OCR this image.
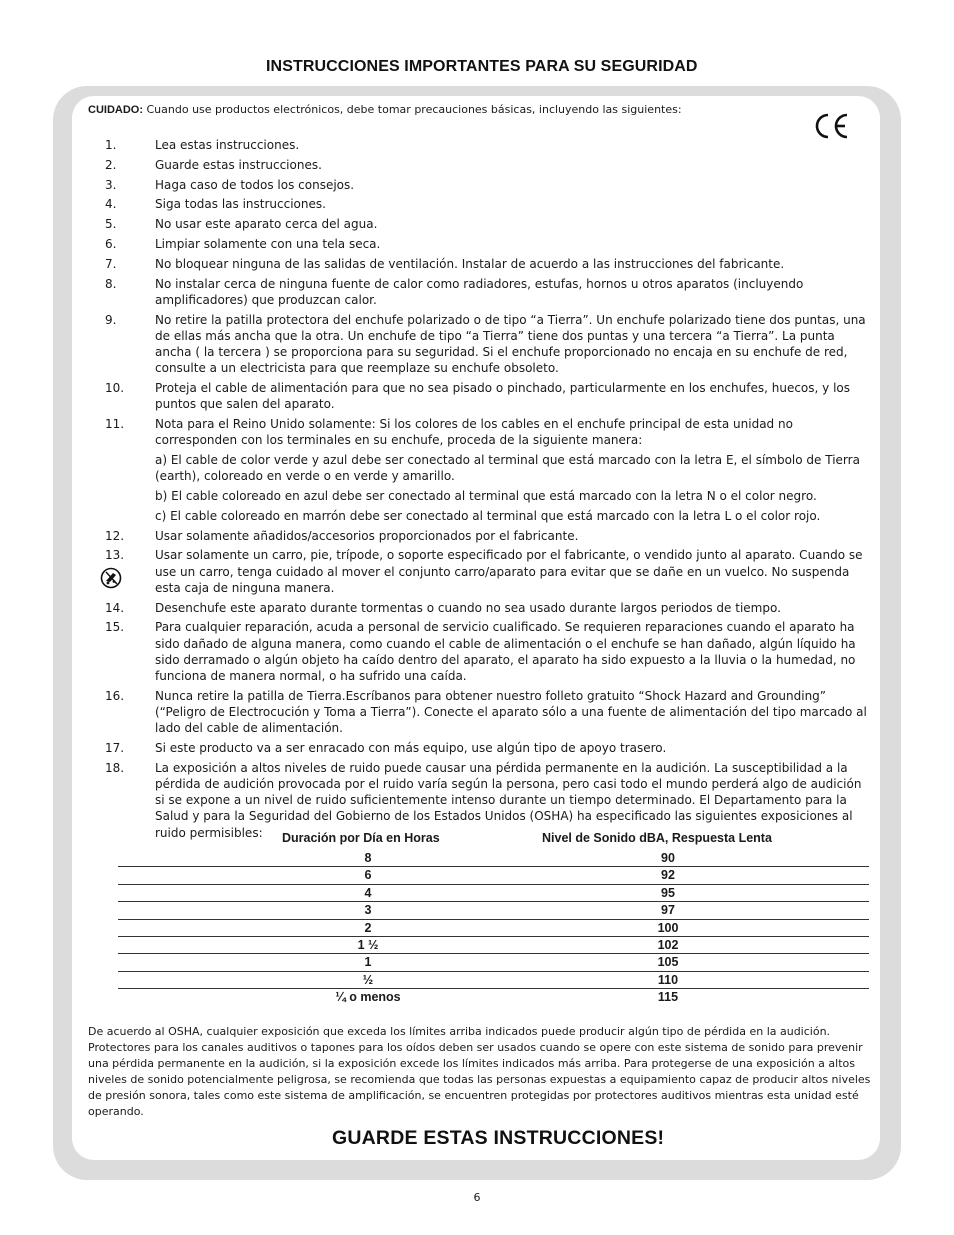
INSTRUCCIONES IMPORTANTES PARA SU SEGURIDAD
CUIDADO: Cuando use productos electrónicos, debe tomar precauciones básicas, incluyendo las siguientes:
1.	Lea estas instrucciones.
2.	Guarde estas instrucciones.
3.	Haga caso de todos los consejos.
4.	Siga todas las instrucciones.
5.	No usar este aparato cerca del agua.
6.	Limpiar solamente con una tela seca.
7.	No bloquear ninguna de las salidas de ventilación. Instalar de acuerdo a las instrucciones del fabricante.
8.	No instalar cerca de ninguna fuente de calor como radiadores, estufas, hornos u otros aparatos (incluyendo amplificadores) que produzcan calor.
9.	No retire la patilla protectora del enchufe polarizado o de tipo “a Tierra”. Un enchufe polarizado tiene dos puntas, una de ellas más ancha que la otra. Un enchufe de tipo “a Tierra” tiene dos puntas y una tercera “a Tierra”. La punta ancha ( la tercera ) se proporciona para su seguridad. Si el enchufe proporcionado no encaja en su enchufe de red, consulte a un electricista para que reemplaze su enchufe obsoleto.
10.	Proteja el cable de alimentación para que no sea pisado o pinchado, particularmente en los enchufes, huecos, y los puntos que salen del aparato.
11.	Nota para el Reino Unido solamente: Si los colores de los cables en el enchufe principal de esta unidad no corresponden con los terminales en su enchufe, proceda de la siguiente manera:
a) El cable de color verde y azul debe ser conectado al terminal que está marcado con la letra E, el símbolo de Tierra (earth), coloreado en verde o en verde y amarillo.
b) El cable coloreado en azul debe ser conectado al terminal que está marcado con la letra N o el color negro.
c) El cable coloreado en marrón debe ser conectado al terminal que está marcado con la letra L o el color rojo.
12.	Usar solamente añadidos/accesorios proporcionados por el fabricante.
13.	Usar solamente un carro, pie, trípode, o soporte especificado por el fabricante, o vendido junto al aparato. Cuando se use un carro, tenga cuidado al mover el conjunto carro/aparato para evitar que se dañe en un vuelco. No suspenda esta caja de ninguna manera.
14.	Desenchufe este aparato durante tormentas o cuando no sea usado durante largos periodos de tiempo.
15.	Para cualquier reparación, acuda a personal de servicio cualificado. Se requieren reparaciones cuando el aparato ha sido dañado de alguna manera, como cuando el cable de alimentación o el enchufe se han dañado, algún líquido ha sido derramado o algún objeto ha caído dentro del aparato, el aparato ha sido expuesto a la lluvia o la humedad, no funciona de manera normal, o ha sufrido una caída.
16.	Nunca retire la patilla de Tierra.Escríbanos para obtener nuestro folleto gratuito “Shock Hazard and Grounding” (“Peligro de Electrocución y Toma a Tierra”). Conecte el aparato sólo a una fuente de alimentación del tipo marcado al lado del cable de alimentación.
17.	Si este producto va a ser enracado con más equipo, use algún tipo de apoyo trasero.
18.	La exposición a altos niveles de ruido puede causar una pérdida permanente en la audición. La susceptibilidad a la pérdida de audición provocada por el ruido varía según la persona, pero casi todo el mundo perderá algo de audición si se expone a un nivel de ruido suficientemente intenso durante un tiempo determinado. El Departamento para la Salud y para la Seguridad del Gobierno de los Estados Unidos (OSHA) ha especificado las siguientes exposiciones al ruido permisibles:	Duración por Día en Horas	Nivel de Sonido dBA, Respuesta Lenta
8	90
6	92
4	95
3	97
2	100
1 ½	102
1	105
½	110
¼ o menos	115
De acuerdo al OSHA, cualquier exposición que exceda los límites arriba indicados puede producir algún tipo de pérdida en la audición. Protectores para los canales auditivos o tapones para los oídos deben ser usados cuando se opere con este sistema de sonido para prevenir una pérdida permanente en la audición, si la exposición excede los límites indicados más arriba. Para protegerse de una exposición a altos niveles de sonido potencialmente peligrosa, se recomienda que todas las personas expuestas a equipamiento capaz de producir altos niveles de presión sonora, tales como este sistema de amplificación, se encuentren protegidas por protectores auditivos mientras esta unidad esté operando.
GUARDE ESTAS INSTRUCCIONES!
6
